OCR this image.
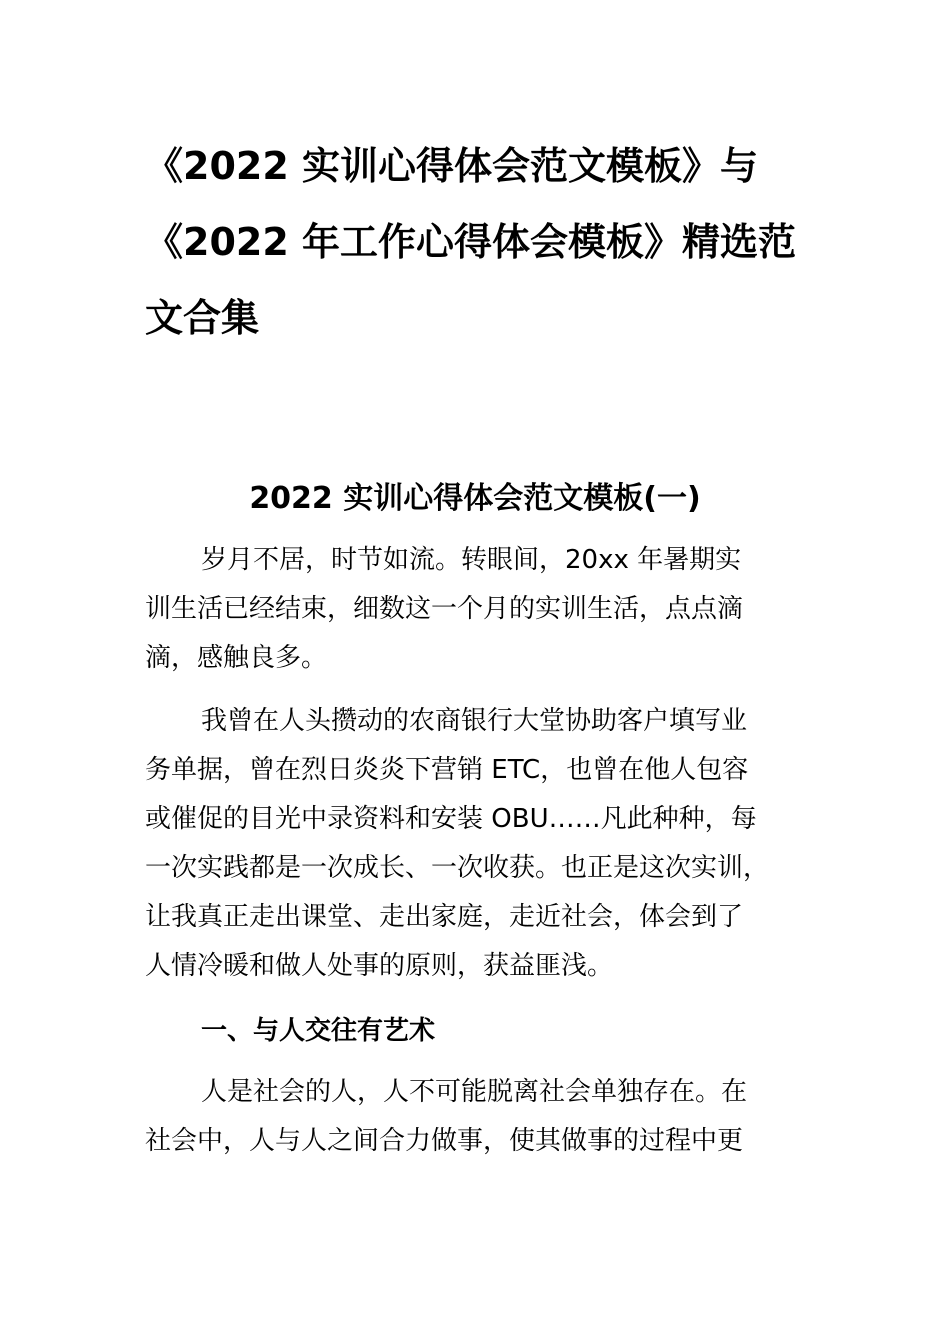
《2022 实训心得体会范文模板》与
《2022 年工作心得体会模板》精选范
文合集
2022 实训心得体会范文模板(一)

岁月不居，时节如流。转眼间，20xx 年暑期实
训生活已经结束，细数这一个月的实训生活，点点滴
滴，感触良多。

我曾在人头攒动的农商银行大堂协助客户填写业
务单据，曾在烈日炎炎下营销 ETC，也曾在他人包容
或催促的目光中录资料和安装 OBU……凡此种种，每
一次实践都是一次成长、一次收获。也正是这次实训，
让我真正走出课堂、走出家庭，走近社会，体会到了
人情冷暖和做人处事的原则，获益匪浅。

一、与人交往有艺术

人是社会的人，人不可能脱离社会单独存在。在
社会中，人与人之间合力做事，使其做事的过程中更
